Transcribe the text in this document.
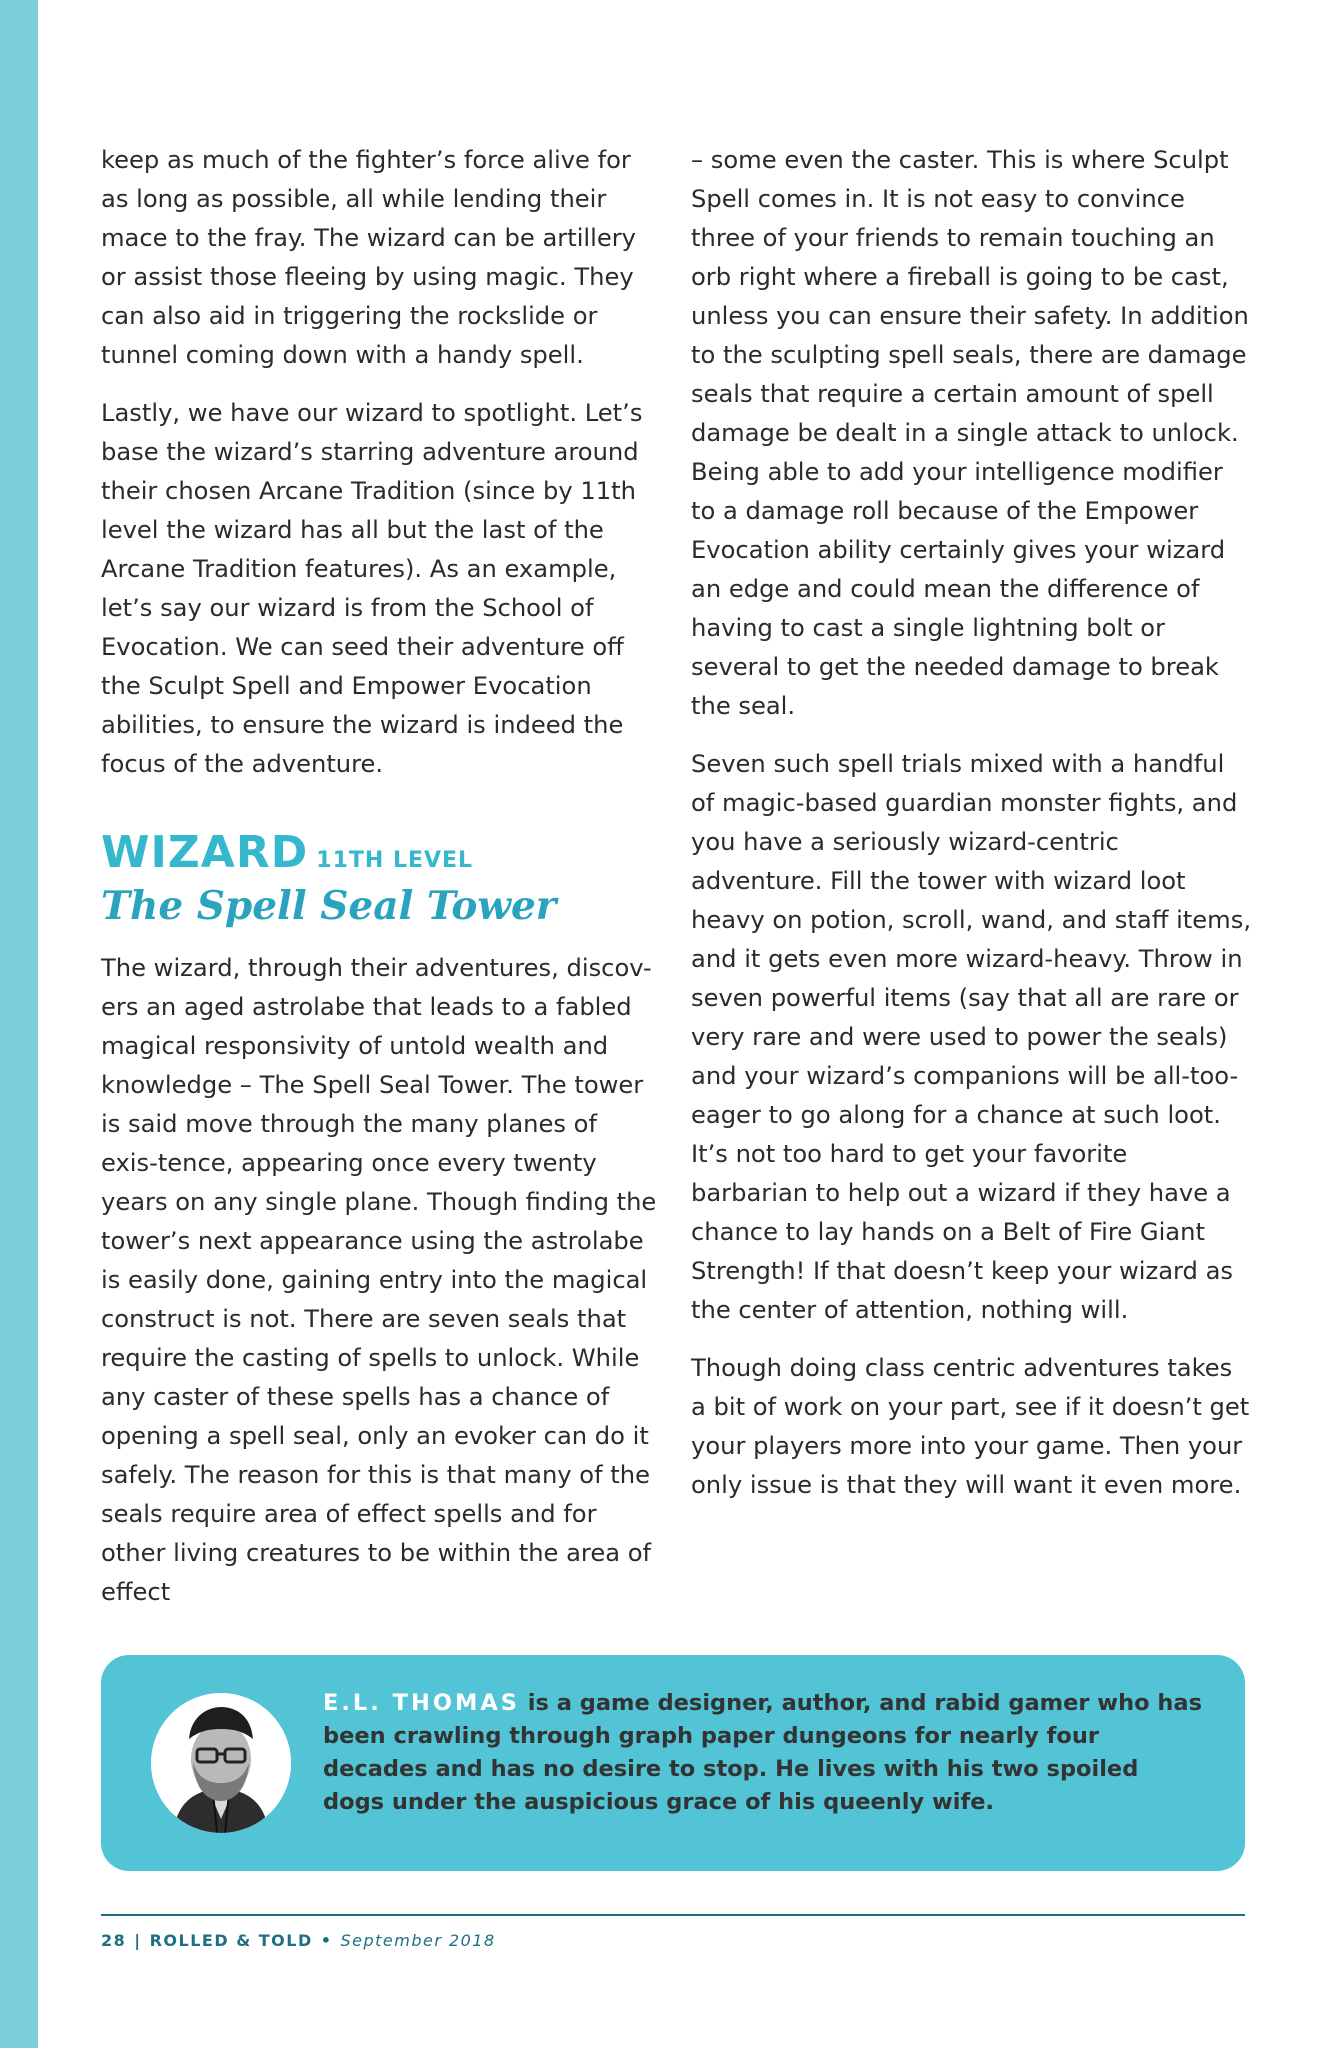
keep as much of the fighter’s force alive for as long as possible, all while lending their mace to the fray. The wizard can be artillery or assist those fleeing by using magic. They can also aid in triggering the rockslide or tunnel coming down with a handy spell.

Lastly, we have our wizard to spotlight. Let’s base the wizard’s starring adventure around their chosen Arcane Tradition (since by 11th level the wizard has all but the last of the Arcane Tradition features). As an example, let’s say our wizard is from the School of Evocation. We can seed their adventure off the Sculpt Spell and Empower Evocation abilities, to ensure the wizard is indeed the focus of the adventure.

WIZARD 11TH LEVEL
The Spell Seal Tower

The wizard, through their adventures, discov-ers an aged astrolabe that leads to a fabled magical responsivity of untold wealth and knowledge – The Spell Seal Tower. The tower is said move through the many planes of exis-tence, appearing once every twenty years on any single plane. Though finding the tower’s next appearance using the astrolabe is easily done, gaining entry into the magical construct is not. There are seven seals that require the casting of spells to unlock. While any caster of these spells has a chance of opening a spell seal, only an evoker can do it safely. The reason for this is that many of the seals require area of effect spells and for other living creatures to be within the area of effect

– some even the caster. This is where Sculpt Spell comes in. It is not easy to convince three of your friends to remain touching an orb right where a fireball is going to be cast, unless you can ensure their safety. In addition to the sculpting spell seals, there are damage seals that require a certain amount of spell damage be dealt in a single attack to unlock. Being able to add your intelligence modifier to a damage roll because of the Empower Evocation ability certainly gives your wizard an edge and could mean the difference of having to cast a single lightning bolt or several to get the needed damage to break the seal.

Seven such spell trials mixed with a handful of magic-based guardian monster fights, and you have a seriously wizard-centric adventure. Fill the tower with wizard loot heavy on potion, scroll, wand, and staff items, and it gets even more wizard-heavy. Throw in seven powerful items (say that all are rare or very rare and were used to power the seals) and your wizard’s companions will be all-too-eager to go along for a chance at such loot. It’s not too hard to get your favorite barbarian to help out a wizard if they have a chance to lay hands on a Belt of Fire Giant Strength! If that doesn’t keep your wizard as the center of attention, nothing will.

Though doing class centric adventures takes a bit of work on your part, see if it doesn’t get your players more into your game. Then your only issue is that they will want it even more.

E.L. THOMAS is a game designer, author, and rabid gamer who has been crawling through graph paper dungeons for nearly four decades and has no desire to stop. He lives with his two spoiled dogs under the auspicious grace of his queenly wife.
28 | ROLLED & TOLD • September 2018
